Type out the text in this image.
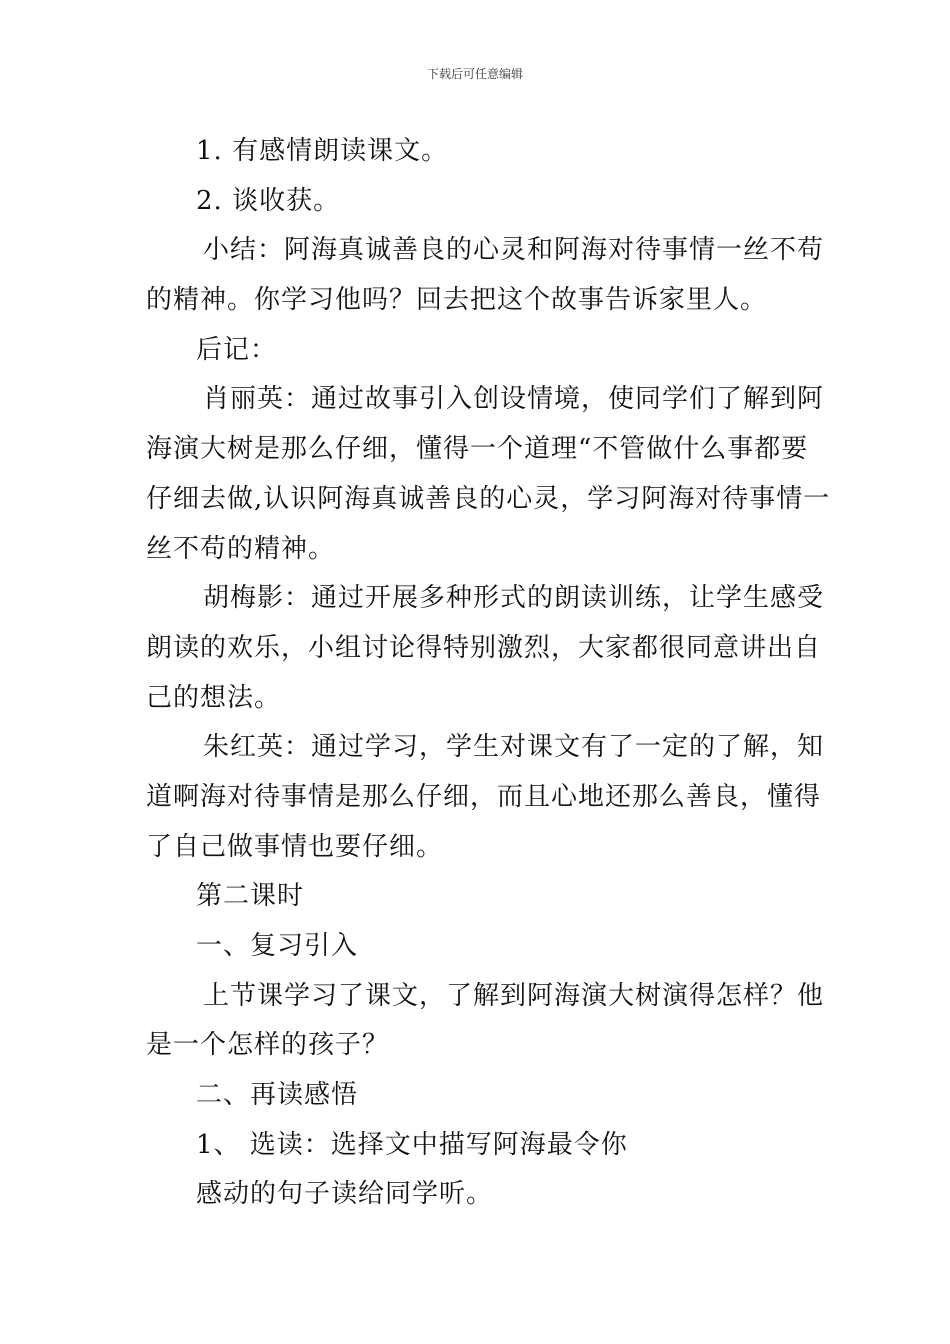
下载后可任意编辑
1. 有感情朗读课文。
2. 谈收获。
小结：阿海真诚善良的心灵和阿海对待事情一丝不苟
的精神。你学习他吗？回去把这个故事告诉家里人。
后记：
肖丽英：通过故事引入创设情境，使同学们了解到阿
海演大树是那么仔细，懂得一个道理“不管做什么事都要
仔细去做,认识阿海真诚善良的心灵，学习阿海对待事情一
丝不苟的精神。
胡梅影：通过开展多种形式的朗读训练，让学生感受
朗读的欢乐，小组讨论得特别激烈，大家都很同意讲出自
己的想法。
朱红英：通过学习，学生对课文有了一定的了解，知
道啊海对待事情是那么仔细，而且心地还那么善良，懂得
了自己做事情也要仔细。
第二课时
一、复习引入
上节课学习了课文，了解到阿海演大树演得怎样？他
是一个怎样的孩子？
二、再读感悟
1、 选读：选择文中描写阿海最令你
感动的句子读给同学听。
